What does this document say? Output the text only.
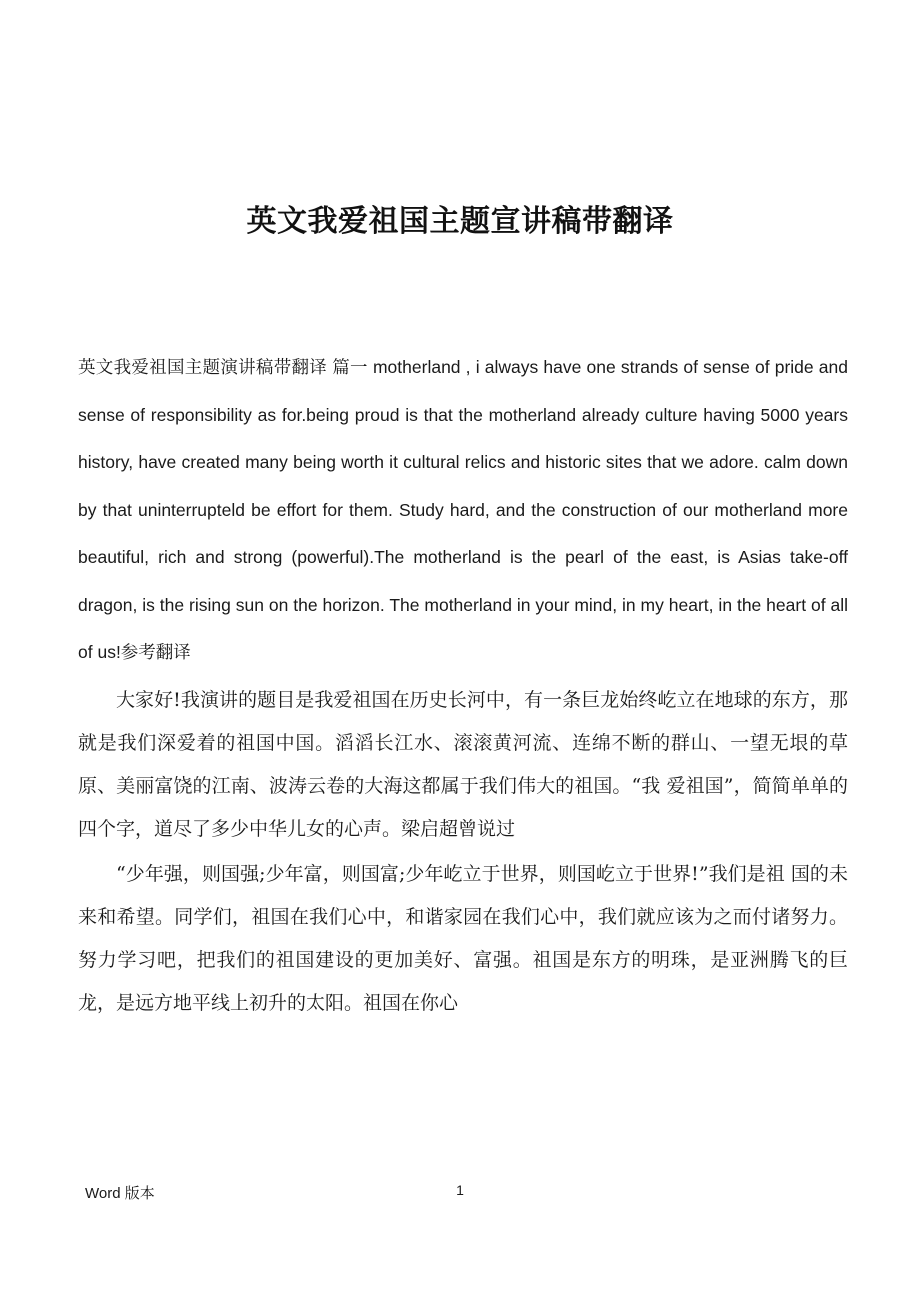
英文我爱祖国主题宣讲稿带翻译

英文我爱祖国主题演讲稿带翻译 篇一 motherland , i always have one strands of sense of pride and sense of responsibility as for.being proud is that the motherland already culture having 5000 years history, have created many being worth it cultural relics and historic sites that we adore. calm down by that uninterrupteld be effort for them. Study hard, and the construction of our motherland more beautiful, rich and strong (powerful).The motherland is the pearl of the east, is Asias take-off dragon, is the rising sun on the horizon. The motherland in your mind, in my heart, in the heart of all of us!参考翻译

大家好!我演讲的题目是我爱祖国在历史长河中，有一条巨龙始终屹立在地球的东方，那就是我们深爱着的祖国中国。滔滔长江水、滚滚黄河流、连绵不断的群山、一望无垠的草原、美丽富饶的江南、波涛云卷的大海这都属于我们伟大的祖国。“我 爱祖国”，简简单单的四个字，道尽了多少中华儿女的心声。梁启超曾说过

“少年强，则国强;少年富，则国富;少年屹立于世界，则国屹立于世界!”我们是祖 国的未来和希望。同学们，祖国在我们心中，和谐家园在我们心中，我们就应该为之而付诸努力。努力学习吧，把我们的祖国建设的更加美好、富强。祖国是东方的明珠，是亚洲腾飞的巨龙，是远方地平线上初升的太阳。祖国在你心

Word 版本	1
